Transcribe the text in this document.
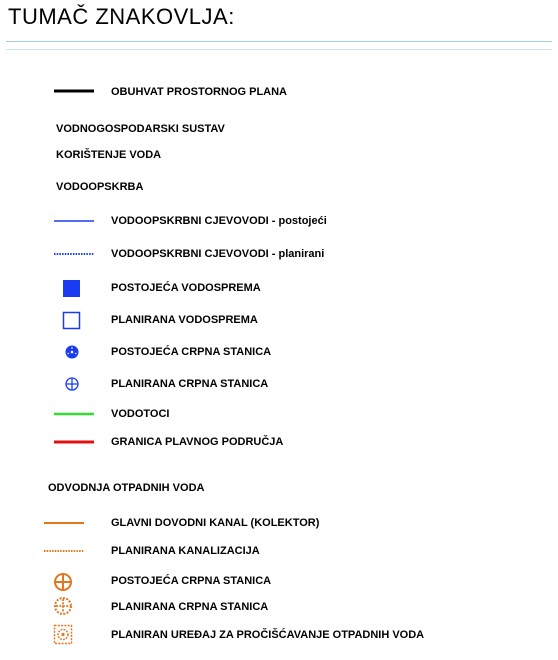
TUMAČ ZNAKOVLJA:
OBUHVAT PROSTORNOG PLANA
VODNOGOSPODARSKI SUSTAV
KORIŠTENJE VODA
VODOOPSKRBA
VODOOPSKRBNI CJEVOVODI - postojeći
VODOOPSKRBNI CJEVOVODI - planirani
POSTOJEĆA VODOSPREMA
PLANIRANA VODOSPREMA
POSTOJEĆA CRPNA STANICA
PLANIRANA CRPNA STANICA
VODOTOCI
GRANICA PLAVNOG PODRUČJA
ODVODNJA OTPADNIH VODA
GLAVNI DOVODNI KANAL (KOLEKTOR)
PLANIRANA KANALIZACIJA
POSTOJEĆA CRPNA STANICA
PLANIRANA CRPNA STANICA
PLANIRAN UREĐAJ ZA PROČIŠĆAVANJE OTPADNIH VODA
